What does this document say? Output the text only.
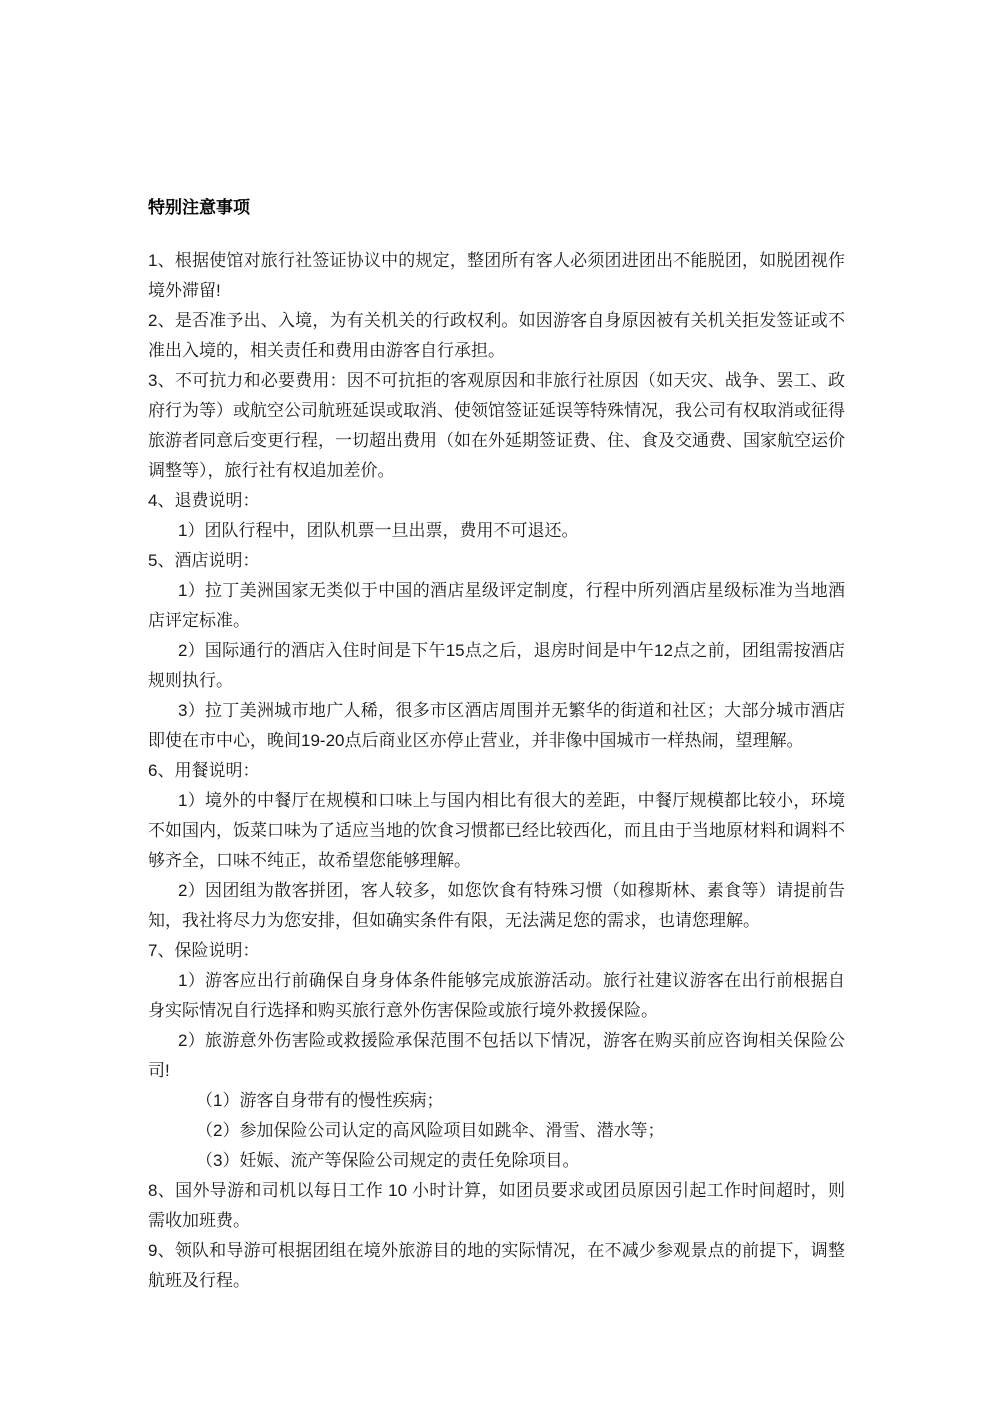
特别注意事项

1、根据使馆对旅行社签证协议中的规定，整团所有客人必须团进团出不能脱团，如脱团视作境外滞留!

2、是否准予出、入境，为有关机关的行政权利。如因游客自身原因被有关机关拒发签证或不准出入境的，相关责任和费用由游客自行承担。

3、不可抗力和必要费用：因不可抗拒的客观原因和非旅行社原因（如天灾、战争、罢工、政府行为等）或航空公司航班延误或取消、使领馆签证延误等特殊情况，我公司有权取消或征得旅游者同意后变更行程，一切超出费用（如在外延期签证费、住、食及交通费、国家航空运价调整等），旅行社有权追加差价。

4、退费说明：

1）团队行程中，团队机票一旦出票，费用不可退还。

5、酒店说明：

1）拉丁美洲国家无类似于中国的酒店星级评定制度，行程中所列酒店星级标准为当地酒店评定标准。

2）国际通行的酒店入住时间是下午15点之后，退房时间是中午12点之前，团组需按酒店规则执行。

3）拉丁美洲城市地广人稀，很多市区酒店周围并无繁华的街道和社区；大部分城市酒店即使在市中心，晚间19-20点后商业区亦停止营业，并非像中国城市一样热闹，望理解。

6、用餐说明：

1）境外的中餐厅在规模和口味上与国内相比有很大的差距，中餐厅规模都比较小，环境不如国内，饭菜口味为了适应当地的饮食习惯都已经比较西化，而且由于当地原材料和调料不够齐全，口味不纯正，故希望您能够理解。

2）因团组为散客拼团，客人较多，如您饮食有特殊习惯（如穆斯林、素食等）请提前告知，我社将尽力为您安排，但如确实条件有限，无法满足您的需求，也请您理解。

7、保险说明：

1）游客应出行前确保自身身体条件能够完成旅游活动。旅行社建议游客在出行前根据自身实际情况自行选择和购买旅行意外伤害保险或旅行境外救援保险。

2）旅游意外伤害险或救援险承保范围不包括以下情况，游客在购买前应咨询相关保险公司!

（1）游客自身带有的慢性疾病；

（2）参加保险公司认定的高风险项目如跳伞、滑雪、潜水等；

（3）妊娠、流产等保险公司规定的责任免除项目。

8、国外导游和司机以每日工作 10 小时计算，如团员要求或团员原因引起工作时间超时，则需收加班费。

9、领队和导游可根据团组在境外旅游目的地的实际情况，在不减少参观景点的前提下，调整航班及行程。
